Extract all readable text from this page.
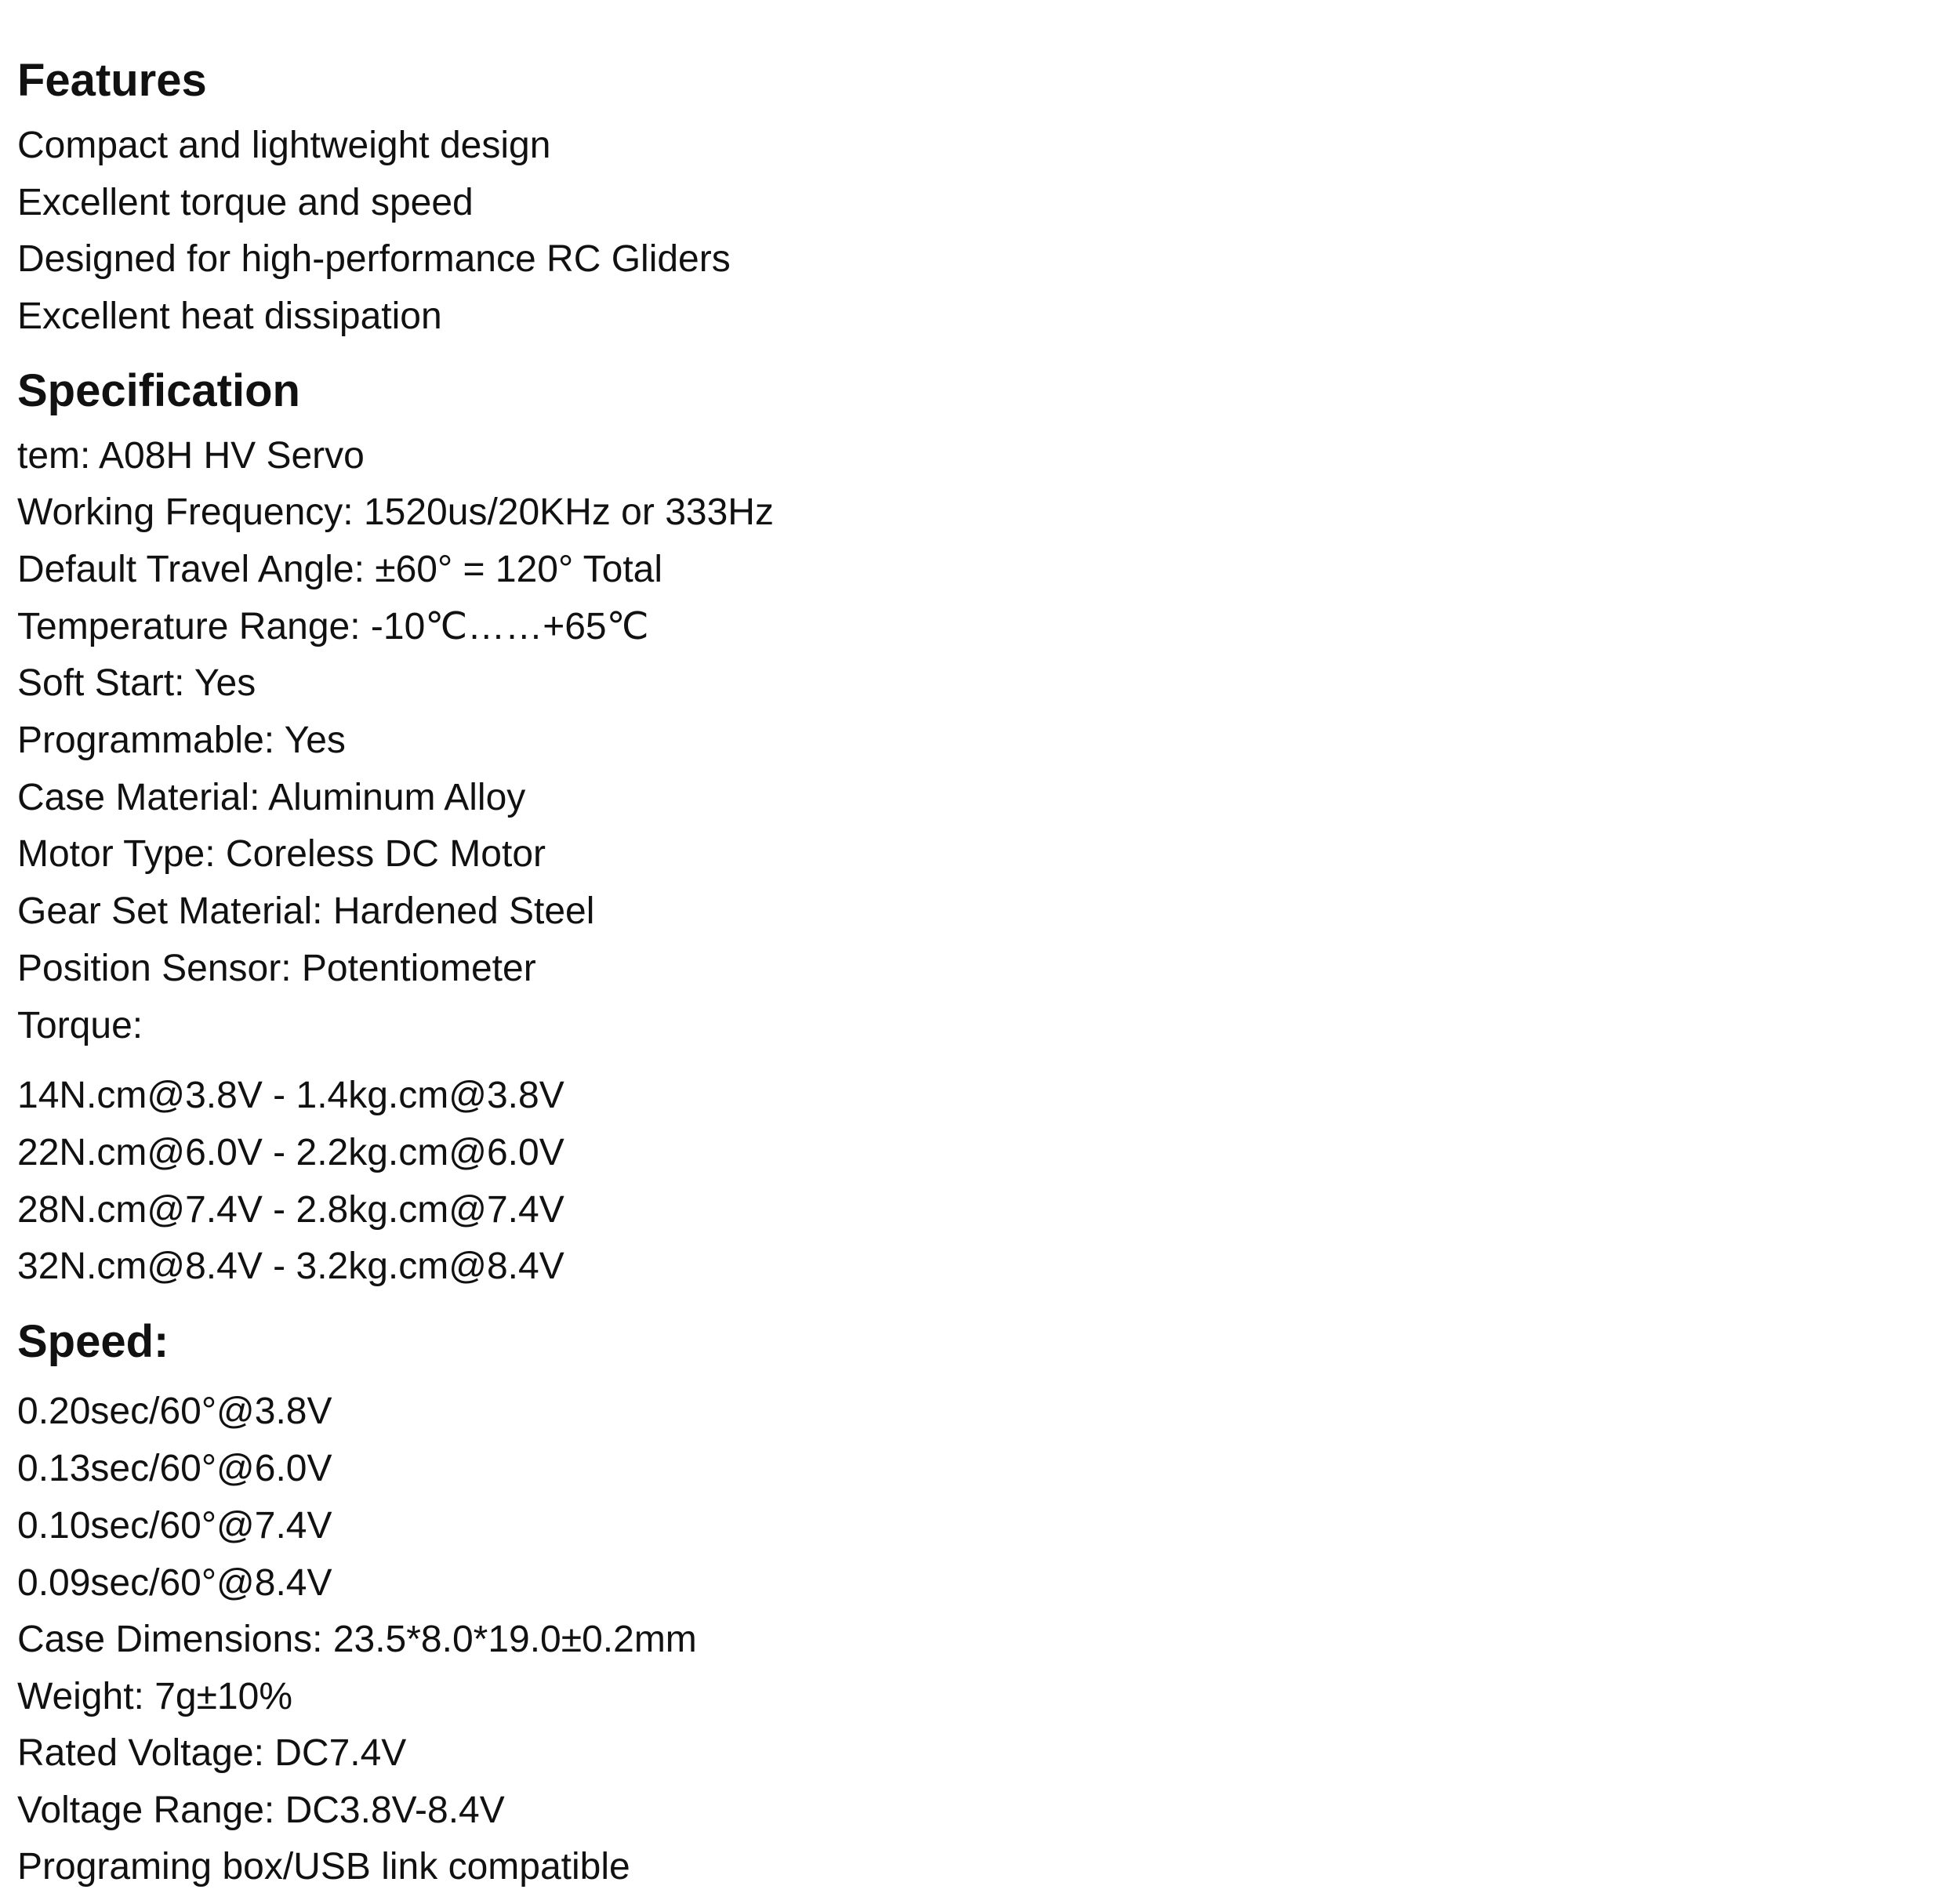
Features
Compact and lightweight design
Excellent torque and speed
Designed for high-performance RC Gliders
Excellent heat dissipation
Specification
tem: A08H HV Servo
Working Frequency: 1520us/20KHz or 333Hz
Default Travel Angle: ±60° = 120° Total
Temperature Range: -10℃……+65℃
Soft Start: Yes
Programmable: Yes
Case Material: Aluminum Alloy
Motor Type: Coreless DC Motor
Gear Set Material: Hardened Steel
Position Sensor: Potentiometer
Torque:
14N.cm@3.8V - 1.4kg.cm@3.8V
22N.cm@6.0V - 2.2kg.cm@6.0V
28N.cm@7.4V - 2.8kg.cm@7.4V
32N.cm@8.4V - 3.2kg.cm@8.4V
Speed:
0.20sec/60°@3.8V
0.13sec/60°@6.0V
0.10sec/60°@7.4V
0.09sec/60°@8.4V
Case Dimensions: 23.5*8.0*19.0±0.2mm
Weight: 7g±10%
Rated Voltage: DC7.4V
Voltage Range: DC3.8V-8.4V
Programing box/USB link compatible
